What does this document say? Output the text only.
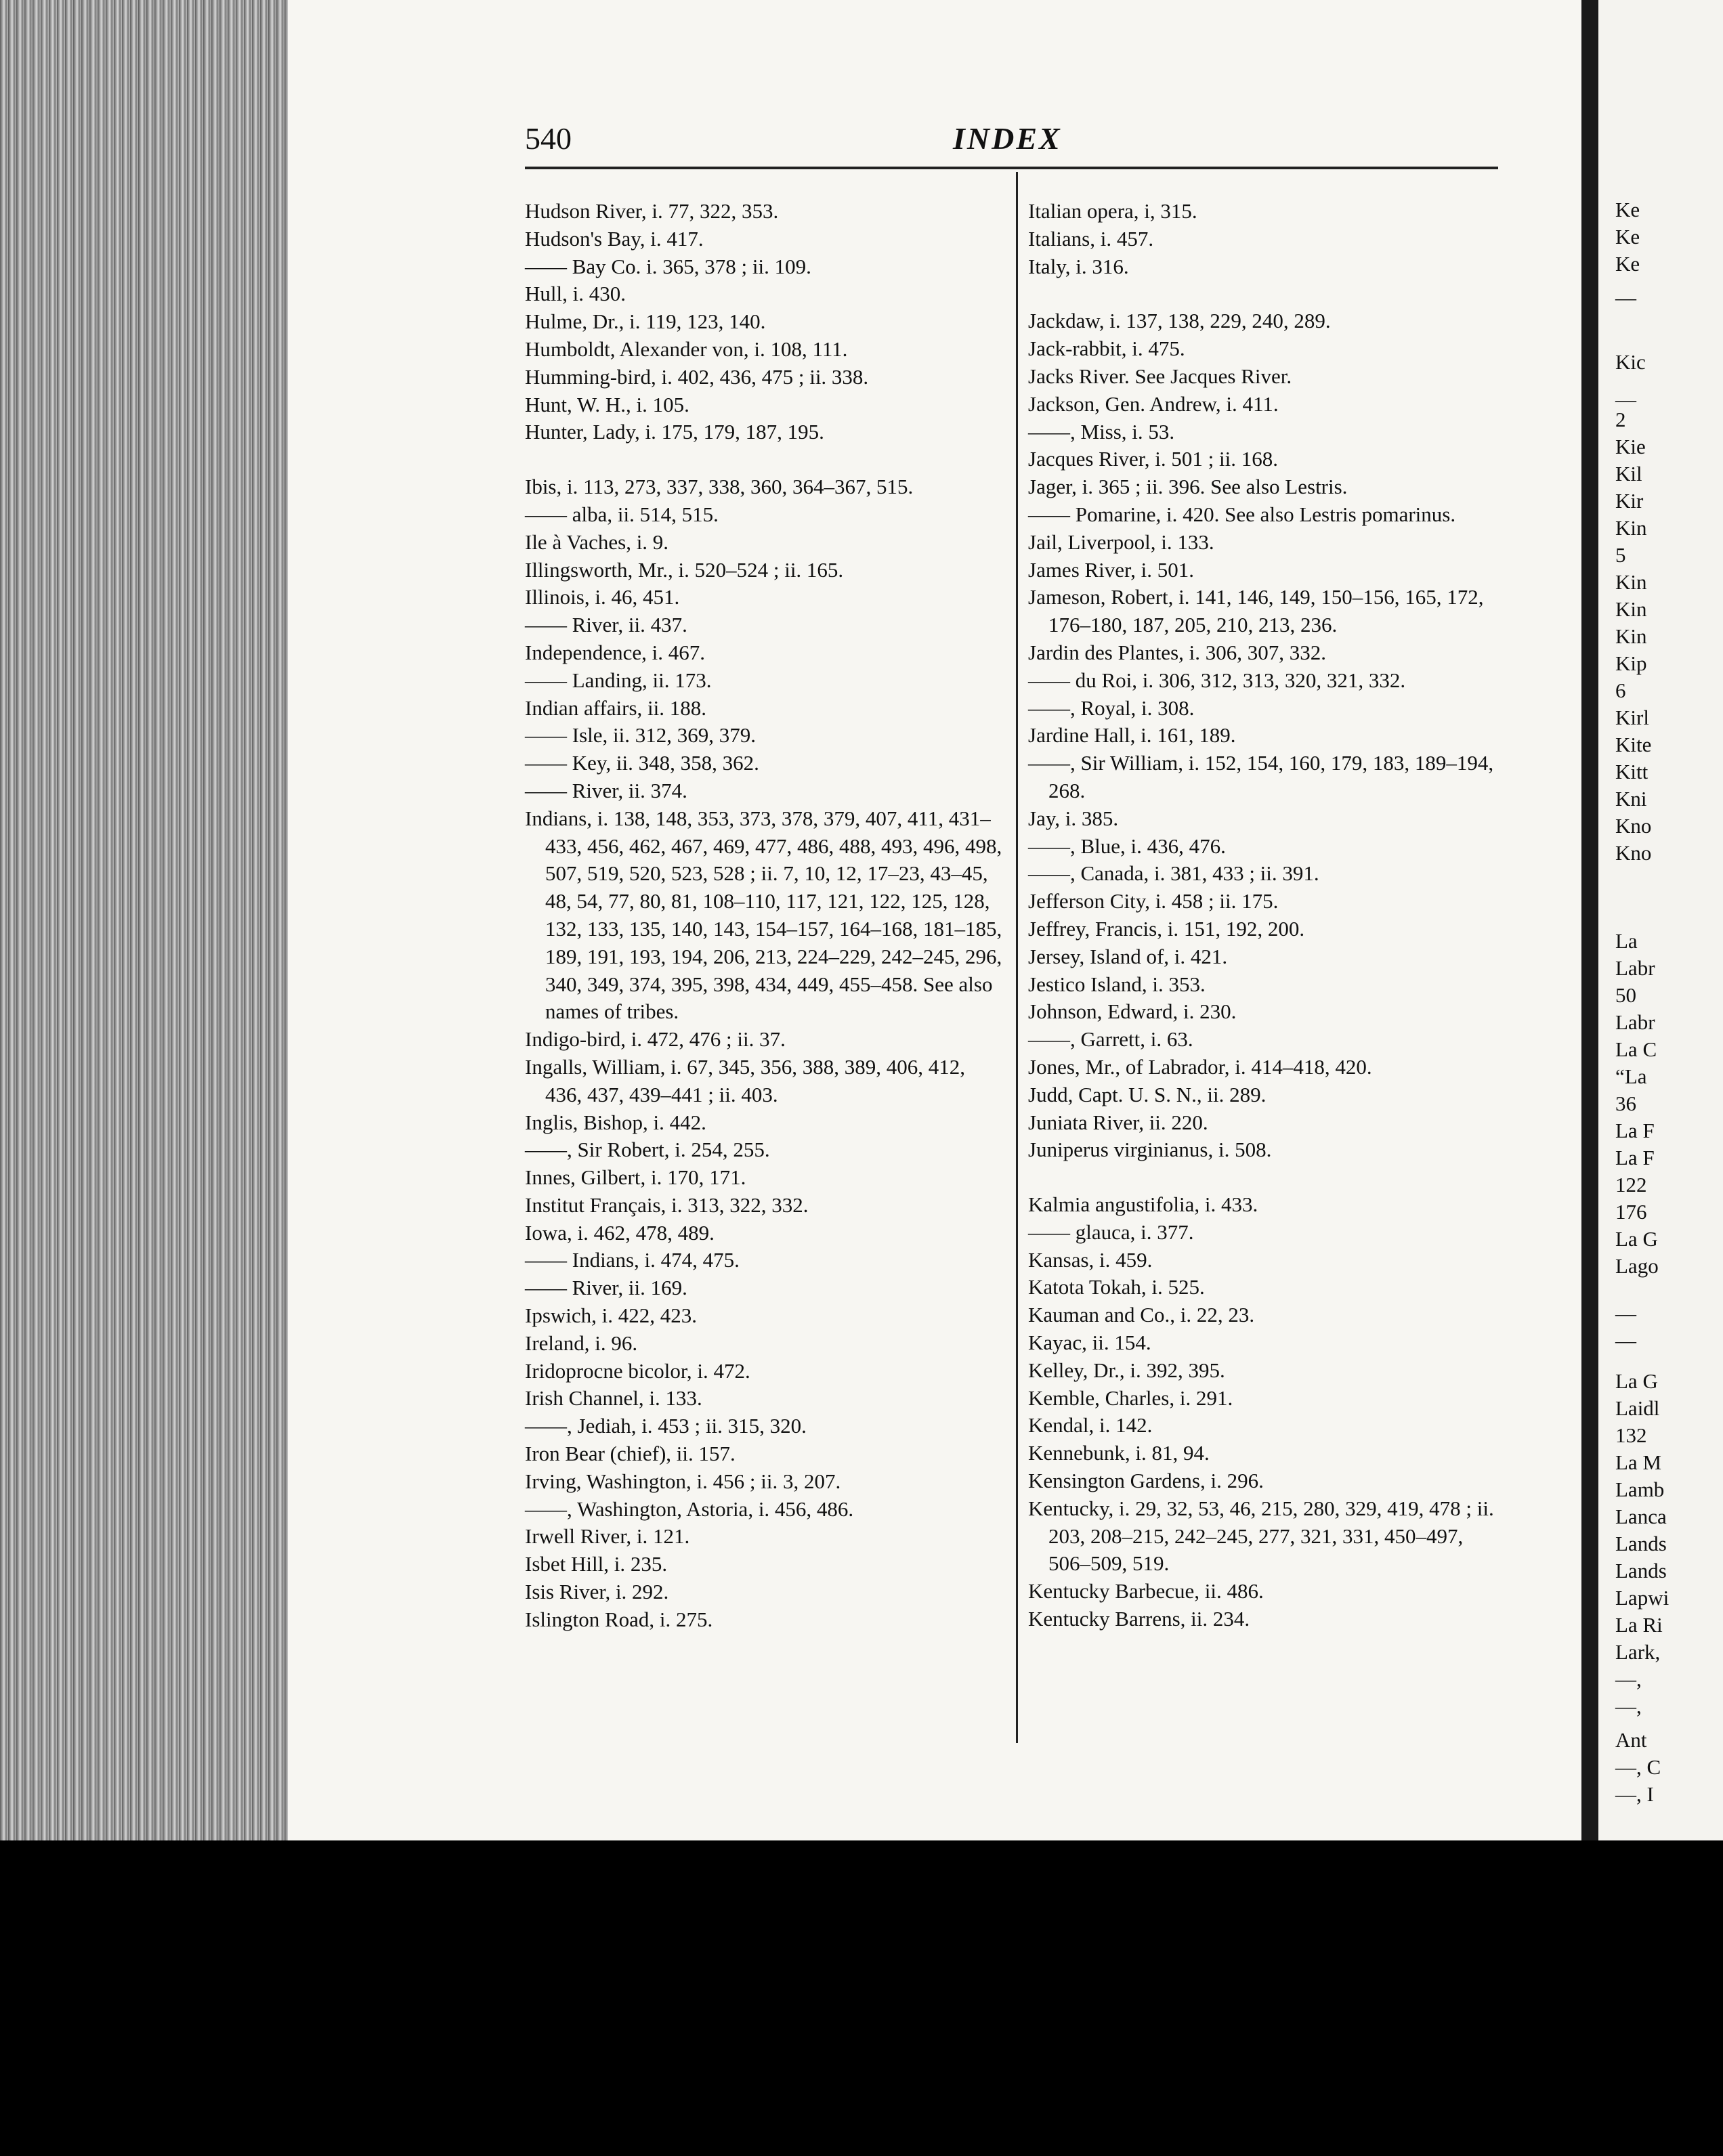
Ke
Ke
Ke
—
Kic
—
2
Kie
Kil
Kir
Kin
5
Kin
Kin
Kin
Kip
6
Kirl
Kite
Kitt
Kni
Kno
Kno
La
Labr
50
Labr
La C
“La
36
La F
La F
122
176
La G
Lago
—
—
La G
Laidl
132
La M
Lamb
Lanca
Lands
Lands
Lapwi
La Ri
Lark,
—,
—,
Ant
—, C
—, I
540	INDEX
Hudson River, i. 77, 322, 353.
Hudson's Bay, i. 417.
—— Bay Co. i. 365, 378 ; ii. 109.
Hull, i. 430.
Hulme, Dr., i. 119, 123, 140.
Humboldt, Alexander von, i. 108, 111.
Humming-bird, i. 402, 436, 475 ; ii. 338.
Hunt, W. H., i. 105.
Hunter, Lady, i. 175, 179, 187, 195.
Ibis, i. 113, 273, 337, 338, 360, 364–367, 515.
—— alba, ii. 514, 515.
Ile à Vaches, i. 9.
Illingsworth, Mr., i. 520–524 ; ii. 165.
Illinois, i. 46, 451.
—— River, ii. 437.
Independence, i. 467.
—— Landing, ii. 173.
Indian affairs, ii. 188.
—— Isle, ii. 312, 369, 379.
—— Key, ii. 348, 358, 362.
—— River, ii. 374.
Indians, i. 138, 148, 353, 373, 378, 379, 407, 411, 431–433, 456, 462, 467, 469, 477, 486, 488, 493, 496, 498, 507, 519, 520, 523, 528 ; ii. 7, 10, 12, 17–23, 43–45, 48, 54, 77, 80, 81, 108–110, 117, 121, 122, 125, 128, 132, 133, 135, 140, 143, 154–157, 164–168, 181–185, 189, 191, 193, 194, 206, 213, 224–229, 242–245, 296, 340, 349, 374, 395, 398, 434, 449, 455–458. See also names of tribes.
Indigo-bird, i. 472, 476 ; ii. 37.
Ingalls, William, i. 67, 345, 356, 388, 389, 406, 412, 436, 437, 439–441 ; ii. 403.
Inglis, Bishop, i. 442.
——, Sir Robert, i. 254, 255.
Innes, Gilbert, i. 170, 171.
Institut Français, i. 313, 322, 332.
Iowa, i. 462, 478, 489.
—— Indians, i. 474, 475.
—— River, ii. 169.
Ipswich, i. 422, 423.
Ireland, i. 96.
Iridoprocne bicolor, i. 472.
Irish Channel, i. 133.
——, Jediah, i. 453 ; ii. 315, 320.
Iron Bear (chief), ii. 157.
Irving, Washington, i. 456 ; ii. 3, 207.
——, Washington, Astoria, i. 456, 486.
Irwell River, i. 121.
Isbet Hill, i. 235.
Isis River, i. 292.
Islington Road, i. 275.
Italian opera, i, 315.
Italians, i. 457.
Italy, i. 316.
Jackdaw, i. 137, 138, 229, 240, 289.
Jack-rabbit, i. 475.
Jacks River. See Jacques River.
Jackson, Gen. Andrew, i. 411.
——, Miss, i. 53.
Jacques River, i. 501 ; ii. 168.
Jager, i. 365 ; ii. 396. See also Lestris.
—— Pomarine, i. 420. See also Lestris pomarinus.
Jail, Liverpool, i. 133.
James River, i. 501.
Jameson, Robert, i. 141, 146, 149, 150–156, 165, 172, 176–180, 187, 205, 210, 213, 236.
Jardin des Plantes, i. 306, 307, 332.
—— du Roi, i. 306, 312, 313, 320, 321, 332.
——, Royal, i. 308.
Jardine Hall, i. 161, 189.
——, Sir William, i. 152, 154, 160, 179, 183, 189–194, 268.
Jay, i. 385.
——, Blue, i. 436, 476.
——, Canada, i. 381, 433 ; ii. 391.
Jefferson City, i. 458 ; ii. 175.
Jeffrey, Francis, i. 151, 192, 200.
Jersey, Island of, i. 421.
Jestico Island, i. 353.
Johnson, Edward, i. 230.
——, Garrett, i. 63.
Jones, Mr., of Labrador, i. 414–418, 420.
Judd, Capt. U. S. N., ii. 289.
Juniata River, ii. 220.
Juniperus virginianus, i. 508.
Kalmia angustifolia, i. 433.
—— glauca, i. 377.
Kansas, i. 459.
Katota Tokah, i. 525.
Kauman and Co., i. 22, 23.
Kayac, ii. 154.
Kelley, Dr., i. 392, 395.
Kemble, Charles, i. 291.
Kendal, i. 142.
Kennebunk, i. 81, 94.
Kensington Gardens, i. 296.
Kentucky, i. 29, 32, 53, 46, 215, 280, 329, 419, 478 ; ii. 203, 208–215, 242–245, 277, 321, 331, 450–497, 506–509, 519.
Kentucky Barbecue, ii. 486.
Kentucky Barrens, ii. 234.
